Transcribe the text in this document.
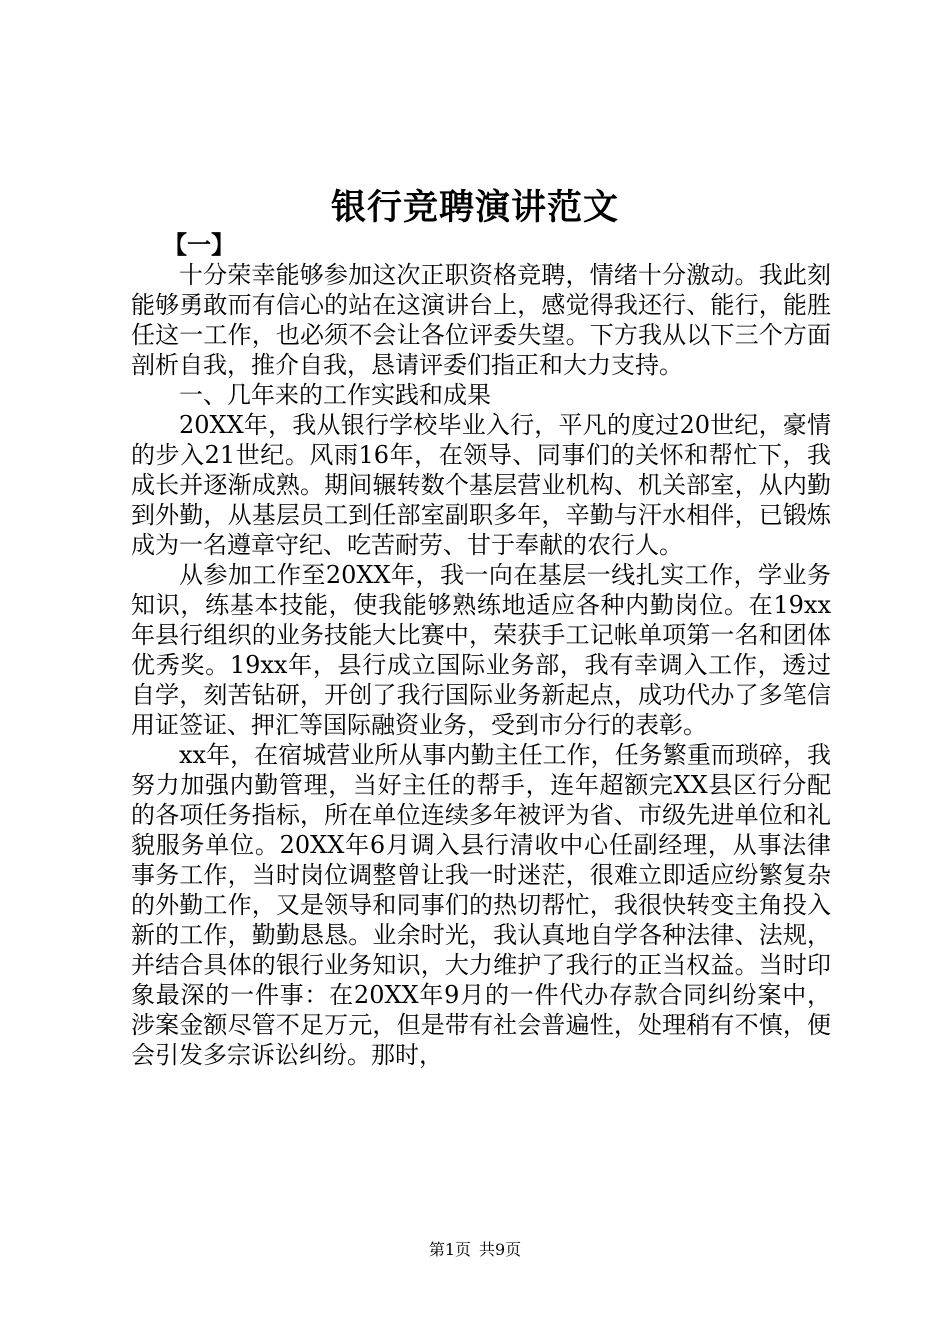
银行竞聘演讲范文

【一】

十分荣幸能够参加这次正职资格竞聘，情绪十分激动。我此刻能够勇敢而有信心的站在这演讲台上，感觉得我还行、能行，能胜任这一工作，也必须不会让各位评委失望。下方我从以下三个方面剖析自我，推介自我，恳请评委们指正和大力支持。

一、几年来的工作实践和成果

20XX年，我从银行学校毕业入行，平凡的度过20世纪，豪情的步入21世纪。风雨16年，在领导、同事们的关怀和帮忙下，我成长并逐渐成熟。期间辗转数个基层营业机构、机关部室，从内勤到外勤，从基层员工到任部室副职多年，辛勤与汗水相伴，已锻炼成为一名遵章守纪、吃苦耐劳、甘于奉献的农行人。

从参加工作至20XX年，我一向在基层一线扎实工作，学业务知识，练基本技能，使我能够熟练地适应各种内勤岗位。在19xx年县行组织的业务技能大比赛中，荣获手工记帐单项第一名和团体优秀奖。19xx年，县行成立国际业务部，我有幸调入工作，透过自学，刻苦钻研，开创了我行国际业务新起点，成功代办了多笔信用证签证、押汇等国际融资业务，受到市分行的表彰。

xx年，在宿城营业所从事内勤主任工作，任务繁重而琐碎，我努力加强内勤管理，当好主任的帮手，连年超额完XX县区行分配的各项任务指标，所在单位连续多年被评为省、市级先进单位和礼貌服务单位。20XX年6月调入县行清收中心任副经理，从事法律事务工作，当时岗位调整曾让我一时迷茫，很难立即适应纷繁复杂的外勤工作，又是领导和同事们的热切帮忙，我很快转变主角投入新的工作，勤勤恳恳。业余时光，我认真地自学各种法律、法规，并结合具体的银行业务知识，大力维护了我行的正当权益。当时印象最深的一件事：在20XX年9月的一件代办存款合同纠纷案中，涉案金额尽管不足万元，但是带有社会普遍性，处理稍有不慎，便会引发多宗诉讼纠纷。那时，

第1页 共9页
